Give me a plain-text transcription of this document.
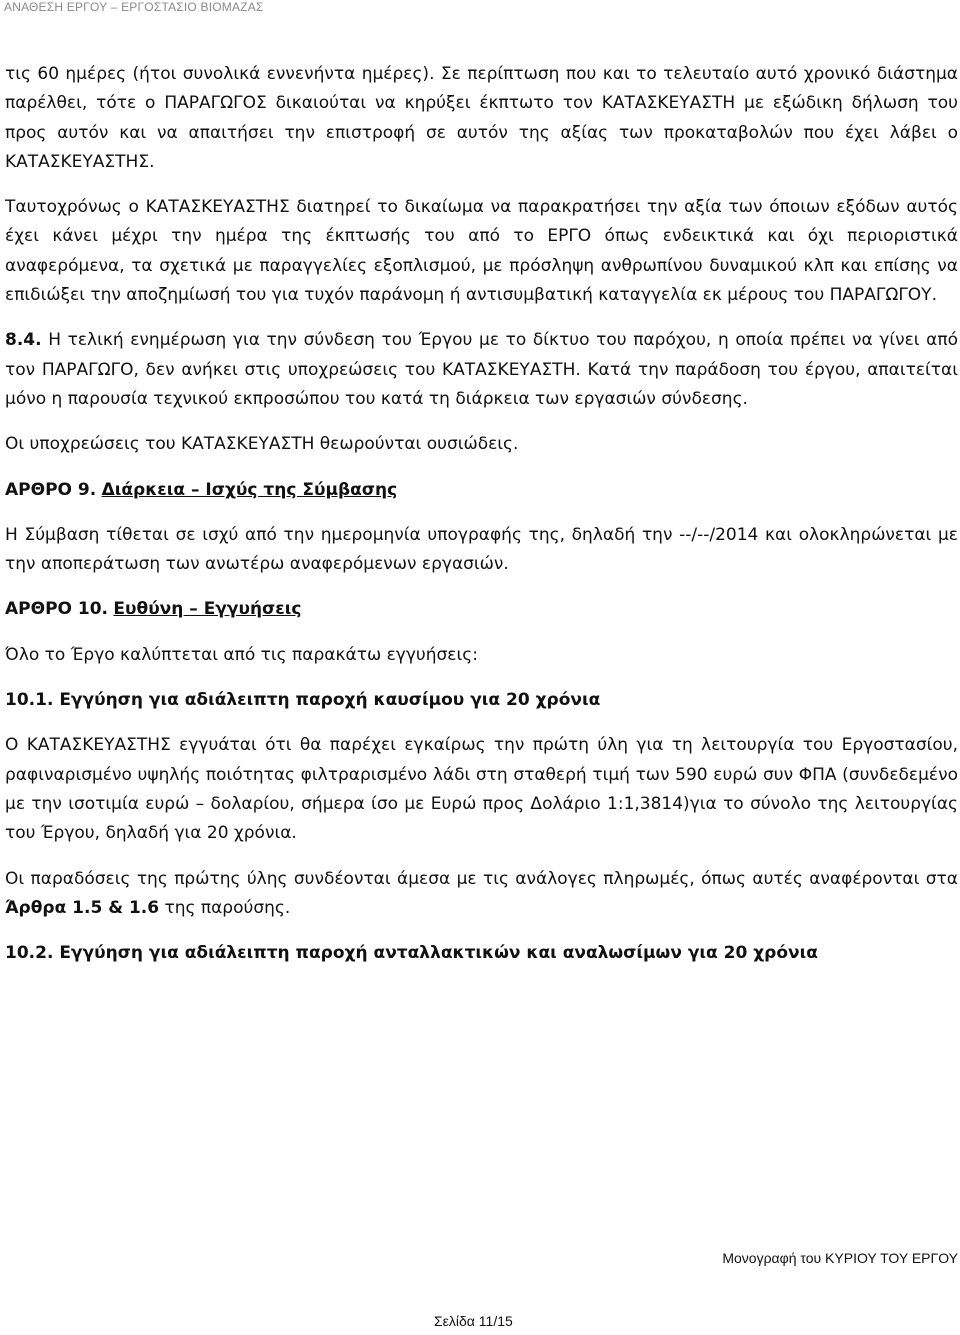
ΑΝΑΘΕΣΗ ΕΡΓΟΥ – ΕΡΓΟΣΤΑΣΙΟ ΒΙΟΜΑΖΑΣ

τις 60 ημέρες (ήτοι συνολικά εννενήντα ημέρες). Σε περίπτωση που και το τελευταίο αυτό χρονικό διάστημα παρέλθει, τότε ο ΠΑΡΑΓΩΓΟΣ δικαιούται να κηρύξει έκπτωτο τον ΚΑΤΑΣΚΕΥΑΣΤΗ με εξώδικη δήλωση του προς αυτόν και να απαιτήσει την επιστροφή σε αυτόν της αξίας των προκαταβολών που έχει λάβει ο ΚΑΤΑΣΚΕΥΑΣΤΗΣ.

Ταυτοχρόνως ο ΚΑΤΑΣΚΕΥΑΣΤΗΣ διατηρεί το δικαίωμα να παρακρατήσει την αξία των όποιων εξόδων αυτός έχει κάνει μέχρι την ημέρα της έκπτωσής του από το ΕΡΓΟ όπως ενδεικτικά και όχι περιοριστικά αναφερόμενα, τα σχετικά με παραγγελίες εξοπλισμού, με πρόσληψη ανθρωπίνου δυναμικού κλπ και επίσης να επιδιώξει την αποζημίωσή του για τυχόν παράνομη ή αντισυμβατική καταγγελία εκ μέρους του ΠΑΡΑΓΩΓΟΥ.

8.4. Η τελική ενημέρωση για την σύνδεση του Έργου με το δίκτυο του παρόχου, η οποία πρέπει να γίνει από τον ΠΑΡΑΓΩΓΟ, δεν ανήκει στις υποχρεώσεις του ΚΑΤΑΣΚΕΥΑΣΤΗ. Κατά την παράδοση του έργου, απαιτείται μόνο η παρουσία τεχνικού εκπροσώπου του κατά τη διάρκεια των εργασιών σύνδεσης.

Οι υποχρεώσεις του ΚΑΤΑΣΚΕΥΑΣΤΗ θεωρούνται ουσιώδεις.

ΑΡΘΡΟ 9. Διάρκεια – Ισχύς της Σύμβασης

Η Σύμβαση τίθεται σε ισχύ από την ημερομηνία υπογραφής της, δηλαδή την --/--/2014 και ολοκληρώνεται με την αποπεράτωση των ανωτέρω αναφερόμενων εργασιών.

ΑΡΘΡΟ 10. Ευθύνη – Εγγυήσεις

Όλο το Έργο καλύπτεται από τις παρακάτω εγγυήσεις:

10.1. Εγγύηση για αδιάλειπτη παροχή καυσίμου για 20 χρόνια

Ο ΚΑΤΑΣΚΕΥΑΣΤΗΣ εγγυάται ότι θα παρέχει εγκαίρως την πρώτη ύλη για τη λειτουργία του Εργοστασίου, ραφιναρισμένο υψηλής ποιότητας φιλτραρισμένο λάδι στη σταθερή τιμή των 590 ευρώ συν ΦΠΑ (συνδεδεμένο με την ισοτιμία ευρώ – δολαρίου, σήμερα ίσο με Ευρώ προς Δολάριο 1:1,3814)για το σύνολο της λειτουργίας του Έργου, δηλαδή για 20 χρόνια.

Οι παραδόσεις της πρώτης ύλης συνδέονται άμεσα με τις ανάλογες πληρωμές, όπως αυτές αναφέρονται στα Άρθρα 1.5 & 1.6 της παρούσης.

10.2. Εγγύηση για αδιάλειπτη παροχή ανταλλακτικών και αναλωσίμων για 20 χρόνια

Μονογραφή του ΚΥΡΙΟΥ ΤΟΥ ΕΡΓΟΥ
Σελίδα 11/15
